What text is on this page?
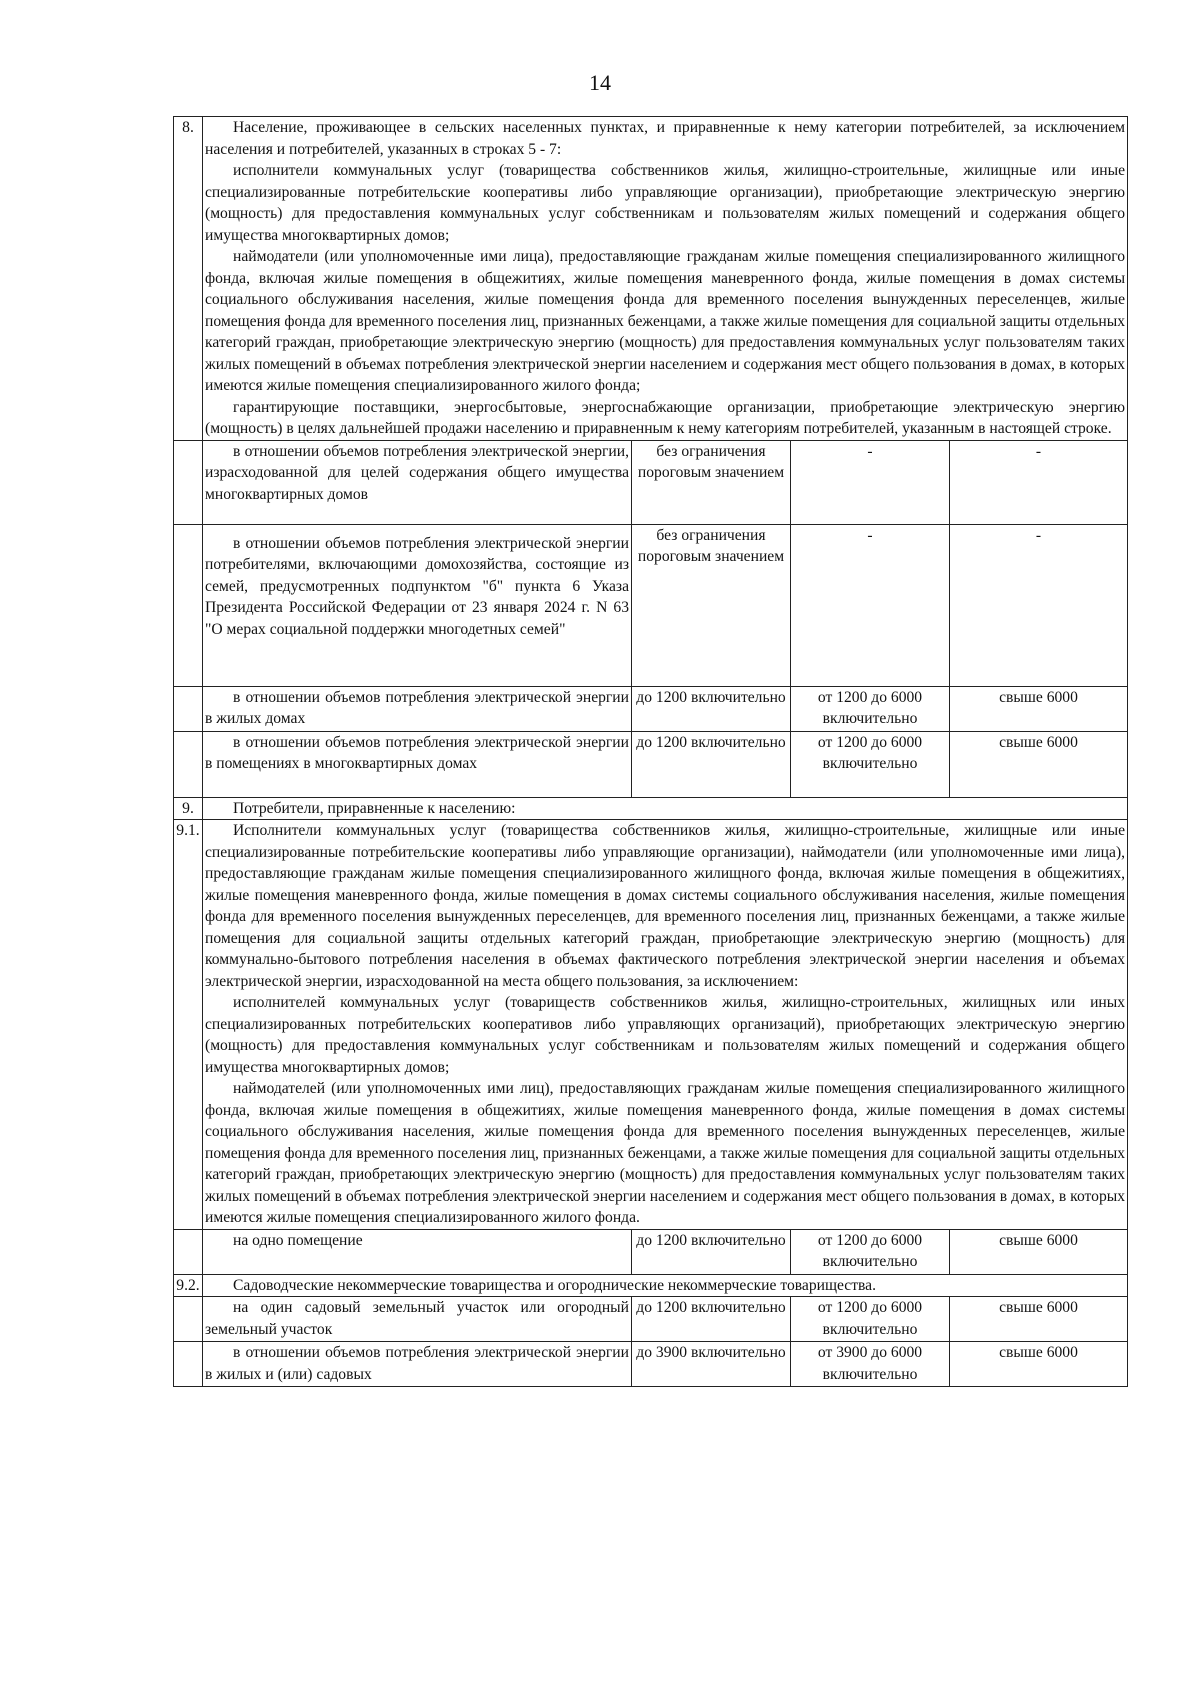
14
8.	Население, проживающее в сельских населенных пунктах, и приравненные к нему категории потребителей, за исключением населения и потребителей, указанных в строках 5 - 7:

исполнители коммунальных услуг (товарищества собственников жилья, жилищно-строительные, жилищные или иные специализированные потребительские кооперативы либо управляющие организации), приобретающие электрическую энергию (мощность) для предоставления коммунальных услуг собственникам и пользователям жилых помещений и содержания общего имущества многоквартирных домов;

наймодатели (или уполномоченные ими лица), предоставляющие гражданам жилые помещения специализированного жилищного фонда, включая жилые помещения в общежитиях, жилые помещения маневренного фонда, жилые помещения в домах системы социального обслуживания населения, жилые помещения фонда для временного поселения вынужденных переселенцев, жилые помещения фонда для временного поселения лиц, признанных беженцами, а также жилые помещения для социальной защиты отдельных категорий граждан, приобретающие электрическую энергию (мощность) для предоставления коммунальных услуг пользователям таких жилых помещений в объемах потребления электрической энергии населением и содержания мест общего пользования в домах, в которых имеются жилые помещения специализированного жилого фонда;

гарантирующие поставщики, энергосбытовые, энергоснабжающие организации, приобретающие электрическую энергию (мощность) в целях дальнейшей продажи населению и приравненным к нему категориям потребителей, указанным в настоящей строке.			

	в отношении объемов потребления электрической энергии, израсходованной для целей содержания общего имущества многоквартирных домов	без ограничения пороговым значением	-	-

	в отношении объемов потребления электрической энергии потребителями, включающими домохозяйства, состоящие из семей, предусмотренных подпунктом "б" пункта 6 Указа Президента Российской Федерации от 23 января 2024 г. N 63 "О мерах социальной поддержки многодетных семей"	без ограничения пороговым значением	-	-

	в отношении объемов потребления электрической энергии в жилых домах	до 1200 включительно	от 1200 до 6000 включительно	свыше 6000

	в отношении объемов потребления электрической энергии в помещениях в многоквартирных домах	до 1200 включительно	от 1200 до 6000 включительно	свыше 6000
9.	Потребители, приравненные к населению:			

9.1.	Исполнители коммунальных услуг (товарищества собственников жилья, жилищно-строительные, жилищные или иные специализированные потребительские кооперативы либо управляющие организации), наймодатели (или уполномоченные ими лица), предоставляющие гражданам жилые помещения специализированного жилищного фонда, включая жилые помещения в общежитиях, жилые помещения маневренного фонда, жилые помещения в домах системы социального обслуживания населения, жилые помещения фонда для временного поселения вынужденных переселенцев, для временного поселения лиц, признанных беженцами, а также жилые помещения для социальной защиты отдельных категорий граждан, приобретающие электрическую энергию (мощность) для коммунально-бытового потребления населения в объемах фактического потребления электрической энергии населения и объемах электрической энергии, израсходованной на места общего пользования, за исключением:

исполнителей коммунальных услуг (товариществ собственников жилья, жилищно-строительных, жилищных или иных специализированных потребительских кооперативов либо управляющих организаций), приобретающих электрическую энергию (мощность) для предоставления коммунальных услуг собственникам и пользователям жилых помещений и содержания общего имущества многоквартирных домов;

наймодателей (или уполномоченных ими лиц), предоставляющих гражданам жилые помещения специализированного жилищного фонда, включая жилые помещения в общежитиях, жилые помещения маневренного фонда, жилые помещения в домах системы социального обслуживания населения, жилые помещения фонда для временного поселения вынужденных переселенцев, жилые помещения фонда для временного поселения лиц, признанных беженцами, а также жилые помещения для социальной защиты отдельных категорий граждан, приобретающих электрическую энергию (мощность) для предоставления коммунальных услуг пользователям таких жилых помещений в объемах потребления электрической энергии населением и содержания мест общего пользования в домах, в которых имеются жилые помещения специализированного жилого фонда.			

	на одно помещение	до 1200 включительно	от 1200 до 6000 включительно	свыше 6000
9.2.	Садоводческие некоммерческие товарищества и огороднические некоммерческие товарищества.			

	на один садовый земельный участок или огородный земельный участок	до 1200 включительно	от 1200 до 6000 включительно	свыше 6000

	в отношении объемов потребления электрической энергии в жилых и (или) садовых	до 3900 включительно	от 3900 до 6000 включительно	свыше 6000
